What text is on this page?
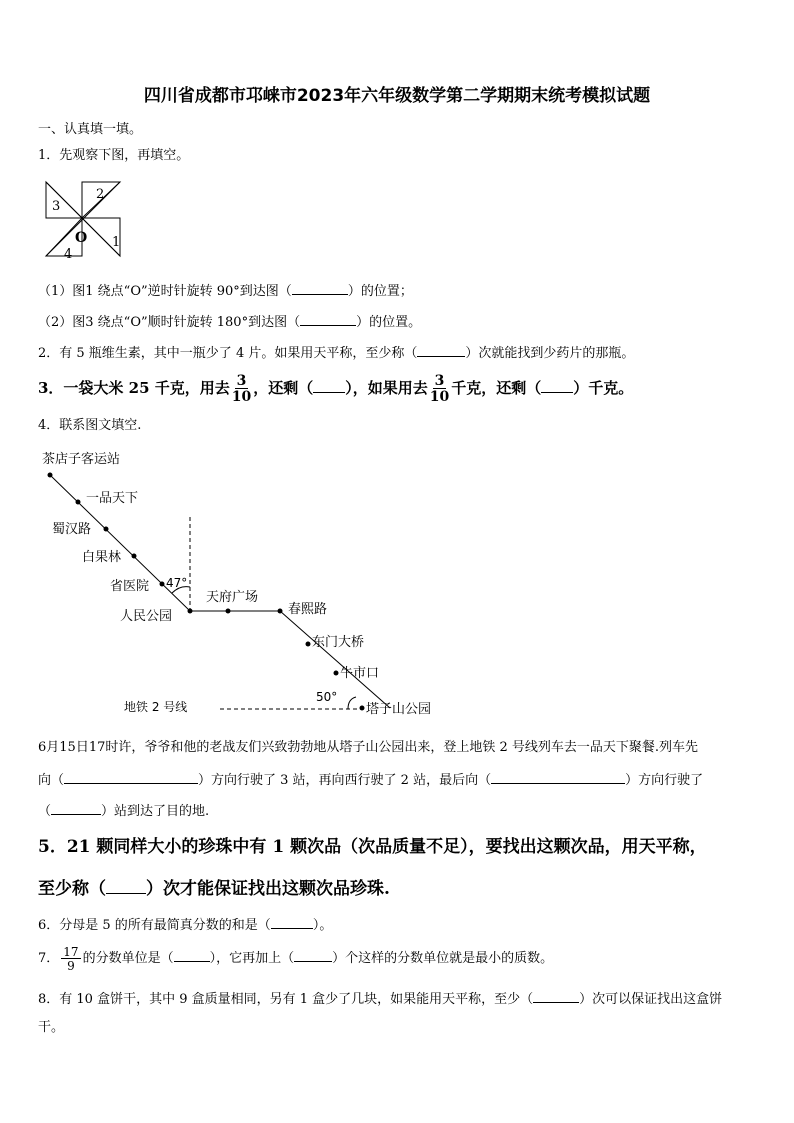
四川省成都市邛崃市2023年六年级数学第二学期期末统考模拟试题
一、认真填一填。
1．先观察下图，再填空。
3
2
O
4
1
（1）图1 绕点“O”逆时针旋转 90°到达图（	）的位置；
（2）图3 绕点“O”顺时针旋转 180°到达图（	）的位置。
2．有 5 瓶维生素，其中一瓶少了 4 片。如果用天平称，至少称（	）次就能找到少药片的那瓶。
3．一袋大米 25 千克，用去 $\frac{3}{10}$ ，还剩（ ），如果用去 $\frac{3}{10}$ 千克，还剩（ ）千克。
4．联系图文填空.
茶店子客运站
一品天下
蜀汉路
白果林
省医院
人民公园
天府广场
春熙路
东门大桥
牛市口
塔子山公园
47°
50°
地铁 2 号线
6月15日17时许，爷爷和他的老战友们兴致勃勃地从塔子山公园出来，登上地铁 2 号线列车去一品天下聚餐.列车先
向（	）方向行驶了 3 站，再向西行驶了 2 站，最后向（	）方向行驶了
（	）站到达了目的地.
5．21 颗同样大小的珍珠中有 1 颗次品（次品质量不足），要找出这颗次品，用天平称，
至少称（ ）次才能保证找出这颗次品珍珠.
6．分母是 5 的所有最简真分数的和是（	）。
7． $\frac{17}{9}$ 的分数单位是（	），它再加上（	）个这样的分数单位就是最小的质数。
8．有 10 盒饼干，其中 9 盒质量相同，另有 1 盒少了几块，如果能用天平称，至少（	）次可以保证找出这盒饼
干。
